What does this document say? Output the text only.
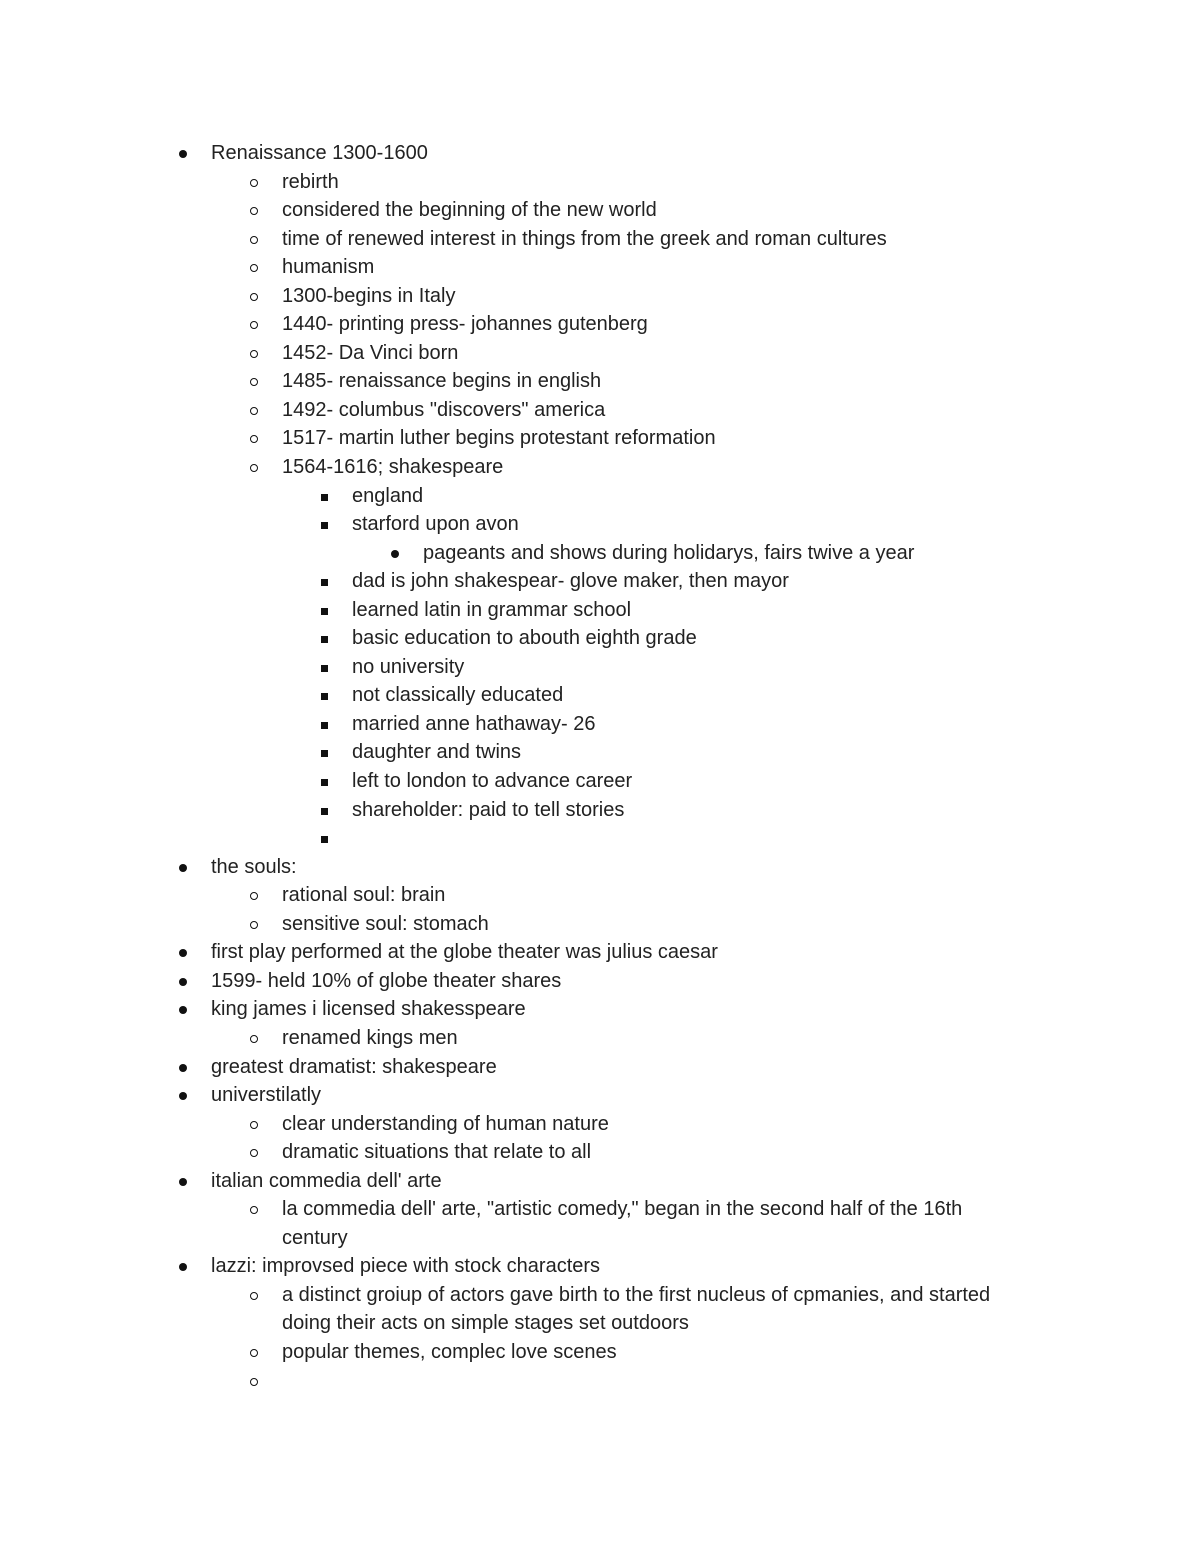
Renaissance 1300-1600
rebirth
considered the beginning of the new world
time of renewed interest in things from the greek and roman cultures
humanism
1300-begins in Italy
1440- printing press- johannes gutenberg
1452- Da Vinci born
1485- renaissance begins in english
1492- columbus "discovers" america
1517- martin luther begins protestant reformation
1564-1616; shakespeare
england
starford upon avon
pageants and shows during holidarys, fairs twive a year
dad is john shakespear- glove maker, then mayor
learned latin in grammar school
basic education to abouth eighth grade
no university
not classically educated
married anne hathaway- 26
daughter and twins
left to london to advance career
shareholder: paid to tell stories
the souls:
rational soul: brain
sensitive soul: stomach
first play performed at the globe theater was julius caesar
1599- held 10% of globe theater shares
king james i licensed shakesspeare
renamed kings men
greatest dramatist: shakespeare
universtilatly
clear understanding of human nature
dramatic situations that relate to all
italian commedia dell' arte
la commedia dell' arte, "artistic comedy," began in the second half of the 16th
century
lazzi: improvsed piece with stock characters
a distinct groiup of actors gave birth to the first nucleus of cpmanies, and started
doing their acts on simple stages set outdoors
popular themes, complec love scenes
